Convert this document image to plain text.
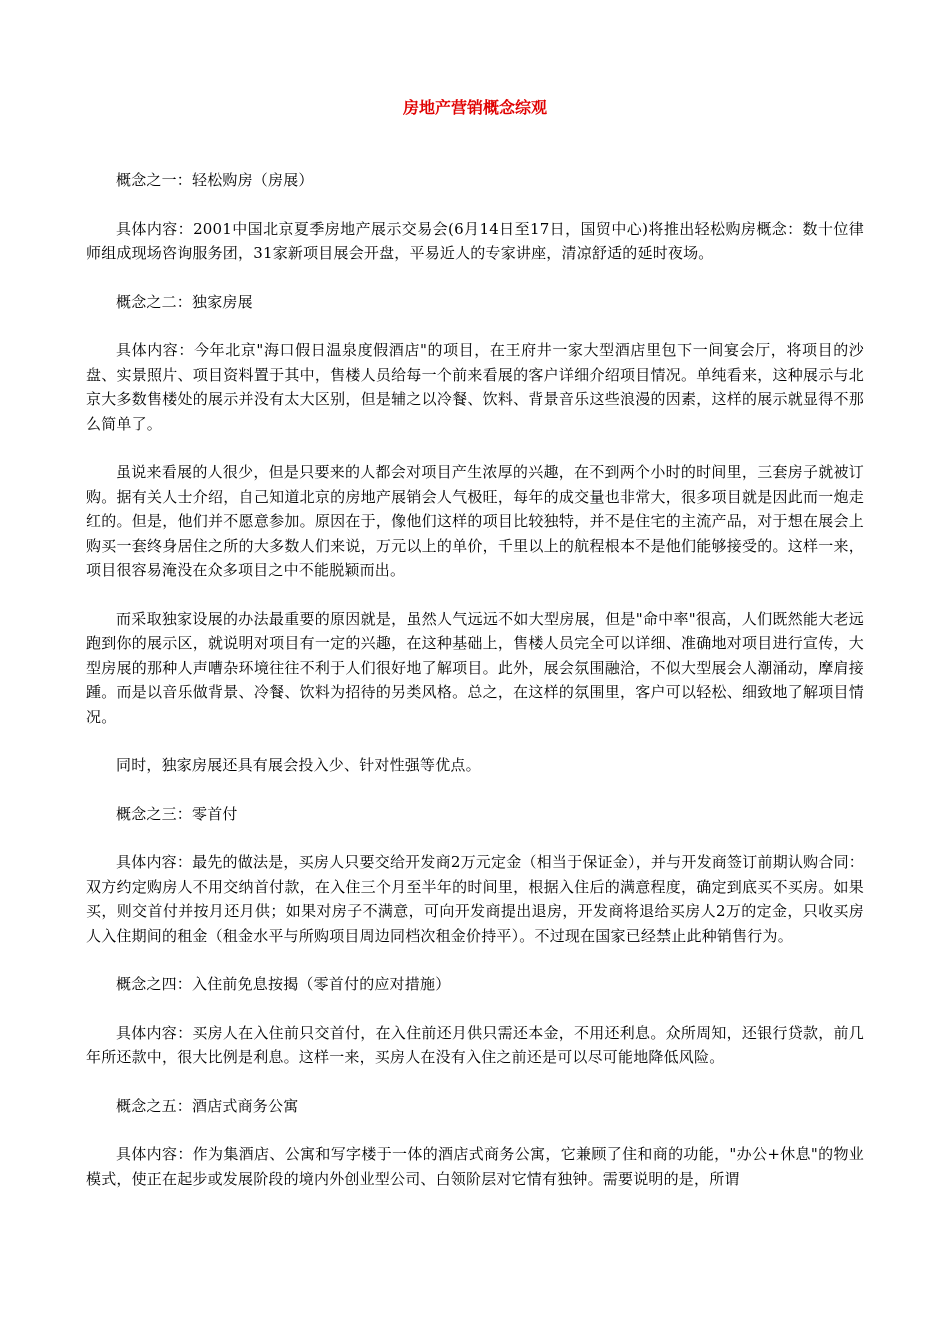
房地产营销概念综观
概念之一：轻松购房（房展）
具体内容：2001中国北京夏季房地产展示交易会(6月14日至17日，国贸中心)将推出轻松购房概念：数十位律师组成现场咨询服务团，31家新项目展会开盘，平易近人的专家讲座，清凉舒适的延时夜场。
概念之二：独家房展
具体内容：今年北京"海口假日温泉度假酒店"的项目，在王府井一家大型酒店里包下一间宴会厅，将项目的沙盘、实景照片、项目资料置于其中，售楼人员给每一个前来看展的客户详细介绍项目情况。单纯看来，这种展示与北京大多数售楼处的展示并没有太大区别，但是辅之以冷餐、饮料、背景音乐这些浪漫的因素，这样的展示就显得不那么简单了。
虽说来看展的人很少，但是只要来的人都会对项目产生浓厚的兴趣，在不到两个小时的时间里，三套房子就被订购。据有关人士介绍，自己知道北京的房地产展销会人气极旺，每年的成交量也非常大，很多项目就是因此而一炮走红的。但是，他们并不愿意参加。原因在于，像他们这样的项目比较独特，并不是住宅的主流产品，对于想在展会上购买一套终身居住之所的大多数人们来说，万元以上的单价，千里以上的航程根本不是他们能够接受的。这样一来，项目很容易淹没在众多项目之中不能脱颖而出。
而采取独家设展的办法最重要的原因就是，虽然人气远远不如大型房展，但是"命中率"很高，人们既然能大老远跑到你的展示区，就说明对项目有一定的兴趣，在这种基础上，售楼人员完全可以详细、准确地对项目进行宣传，大型房展的那种人声嘈杂环境往往不利于人们很好地了解项目。此外，展会氛围融洽，不似大型展会人潮涌动，摩肩接踵。而是以音乐做背景、冷餐、饮料为招待的另类风格。总之，在这样的氛围里，客户可以轻松、细致地了解项目情况。
同时，独家房展还具有展会投入少、针对性强等优点。
概念之三：零首付
具体内容：最先的做法是，买房人只要交给开发商2万元定金（相当于保证金），并与开发商签订前期认购合同：双方约定购房人不用交纳首付款，在入住三个月至半年的时间里，根据入住后的满意程度，确定到底买不买房。如果买，则交首付并按月还月供；如果对房子不满意，可向开发商提出退房，开发商将退给买房人2万的定金，只收买房人入住期间的租金（租金水平与所购项目周边同档次租金价持平）。不过现在国家已经禁止此种销售行为。
概念之四：入住前免息按揭（零首付的应对措施）
具体内容：买房人在入住前只交首付，在入住前还月供只需还本金，不用还利息。众所周知，还银行贷款，前几年所还款中，很大比例是利息。这样一来，买房人在没有入住之前还是可以尽可能地降低风险。
概念之五：酒店式商务公寓
具体内容：作为集酒店、公寓和写字楼于一体的酒店式商务公寓，它兼顾了住和商的功能，"办公+休息"的物业模式，使正在起步或发展阶段的境内外创业型公司、白领阶层对它情有独钟。需要说明的是，所谓
